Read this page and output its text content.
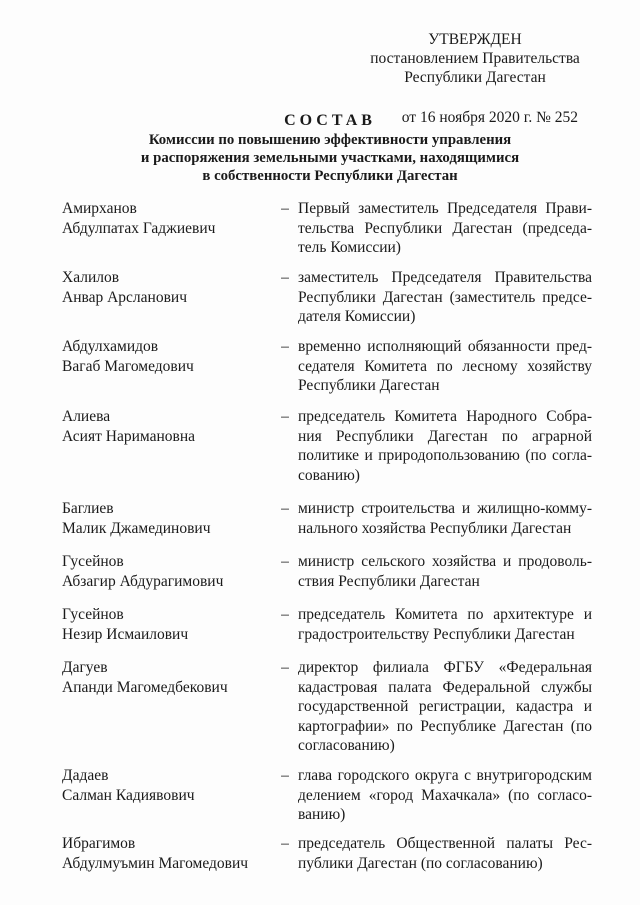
УТВЕРЖДЕН
постановлением Правительства
Республики Дагестан
от 16 ноября 2020 г. № 252
СОСТАВ
Комиссии по повышению эффективности управления
и распоряжения земельными участками, находящимися
в собственности Республики Дагестан
Амирханов
Абдулпатах Гаджиевич
– Первый заместитель Председателя Прави-тельства Республики Дагестан (председа-тель Комиссии)
Халилов
Анвар Арсланович
– заместитель Председателя Правительства Республики Дагестан (заместитель предсе-дателя Комиссии)
Абдулхамидов
Вагаб Магомедович
– временно исполняющий обязанности пред-седателя Комитета по лесному хозяйству Республики Дагестан
Алиева
Асият Наримановна
– председатель Комитета Народного Собра-ния Республики Дагестан по аграрной политике и природопользованию (по согла-сованию)
Баглиев
Малик Джамединович
– министр строительства и жилищно-комму-нального хозяйства Республики Дагестан
Гусейнов
Абзагир Абдурагимович
– министр сельского хозяйства и продоволь-ствия Республики Дагестан
Гусейнов
Незир Исмаилович
– председатель Комитета по архитектуре и градостроительству Республики Дагестан
Дагуев
Апанди Магомедбекович
– директор филиала ФГБУ «Федеральная кадастровая палата Федеральной службы государственной регистрации, кадастра и картографии» по Республике Дагестан (по согласованию)
Дадаев
Салман Кадиявович
– глава городского округа с внутригородским делением «город Махачкала» (по согласо-ванию)
Ибрагимов
Абдулмуъмин Магомедович
– председатель Общественной палаты Рес-публики Дагестан (по согласованию)
